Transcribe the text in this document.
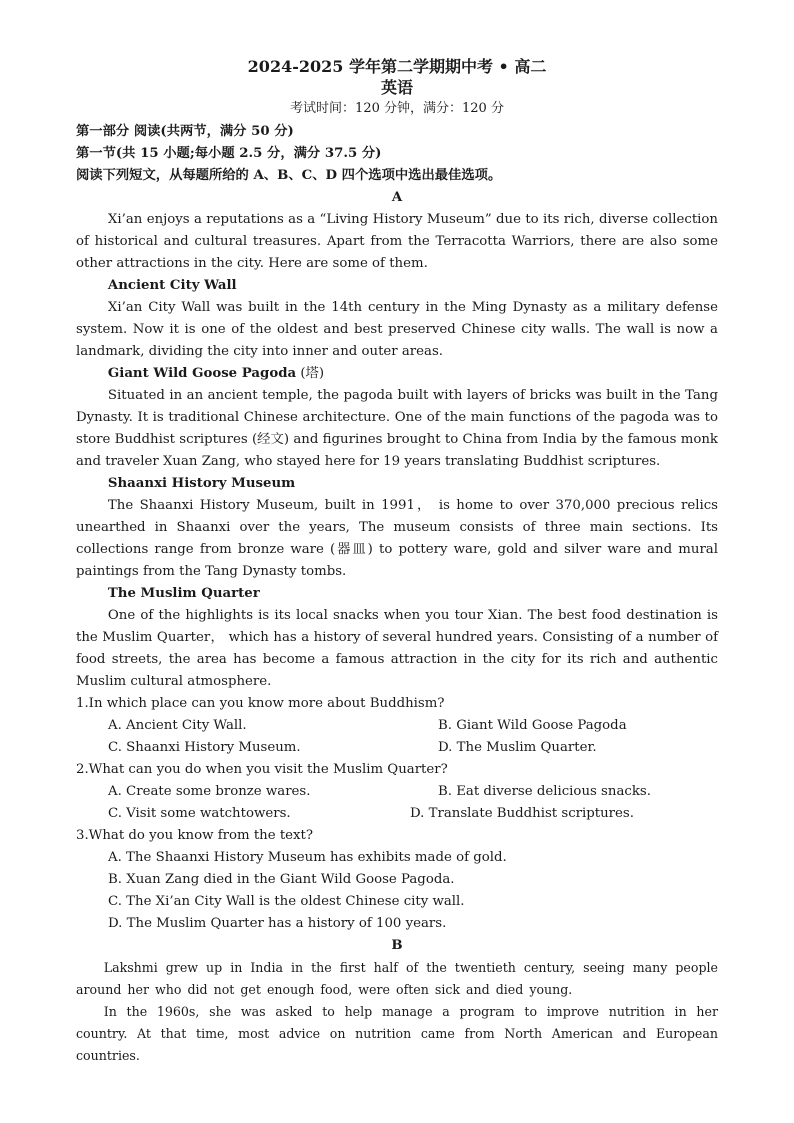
2024-2025 学年第二学期期中考 • 高二
英语
考试时间：120 分钟，满分：120 分
第一部分 阅读(共两节，满分 50 分)
第一节(共 15 小题;每小题 2.5 分，满分 37.5 分)
阅读下列短文，从每题所给的 A、B、C、D 四个选项中选出最佳选项。
A

Xi’an enjoys a reputations as a “Living History Museum” due to its rich, diverse collection of historical and cultural treasures. Apart from the Terracotta Warriors, there are also some other attractions in the city. Here are some of them.

Ancient City Wall

Xi’an City Wall was built in the 14th century in the Ming Dynasty as a military defense system. Now it is one of the oldest and best preserved Chinese city walls. The wall is now a landmark, dividing the city into inner and outer areas.

Giant Wild Goose Pagoda (塔)

Situated in an ancient temple, the pagoda built with layers of bricks was built in the Tang Dynasty. It is traditional Chinese architecture. One of the main functions of the pagoda was to store Buddhist scriptures (经文) and figurines brought to China from India by the famous monk and traveler Xuan Zang, who stayed here for 19 years translating Buddhist scriptures.

Shaanxi History Museum

The Shaanxi History Museum, built in 1991， is home to over 370,000 precious relics unearthed in Shaanxi over the years, The museum consists of three main sections. Its collections range from bronze ware (器皿) to pottery ware, gold and silver ware and mural paintings from the Tang Dynasty tombs.

The Muslim Quarter

One of the highlights is its local snacks when you tour Xian. The best food destination is the Muslim Quarter， which has a history of several hundred years. Consisting of a number of food streets, the area has become a famous attraction in the city for its rich and authentic Muslim cultural atmosphere.

1.In which place can you know more about Buddhism?
A. Ancient City Wall.	B. Giant Wild Goose Pagoda
C. Shaanxi History Museum.	D. The Muslim Quarter.
2.What can you do when you visit the Muslim Quarter?
A. Create some bronze wares.	B. Eat diverse delicious snacks.
C. Visit some watchtowers.	D. Translate Buddhist scriptures.
3.What do you know from the text?
A. The Shaanxi History Museum has exhibits made of gold.
B. Xuan Zang died in the Giant Wild Goose Pagoda.
C. The Xi’an City Wall is the oldest Chinese city wall.
D. The Muslim Quarter has a history of 100 years.
B

Lakshmi grew up in India in the first half of the twentieth century, seeing many people around her who did not get enough food, were often sick and died young.

In the 1960s, she was asked to help manage a program to improve nutrition in her country. At that time, most advice on nutrition came from North American and European countries.
